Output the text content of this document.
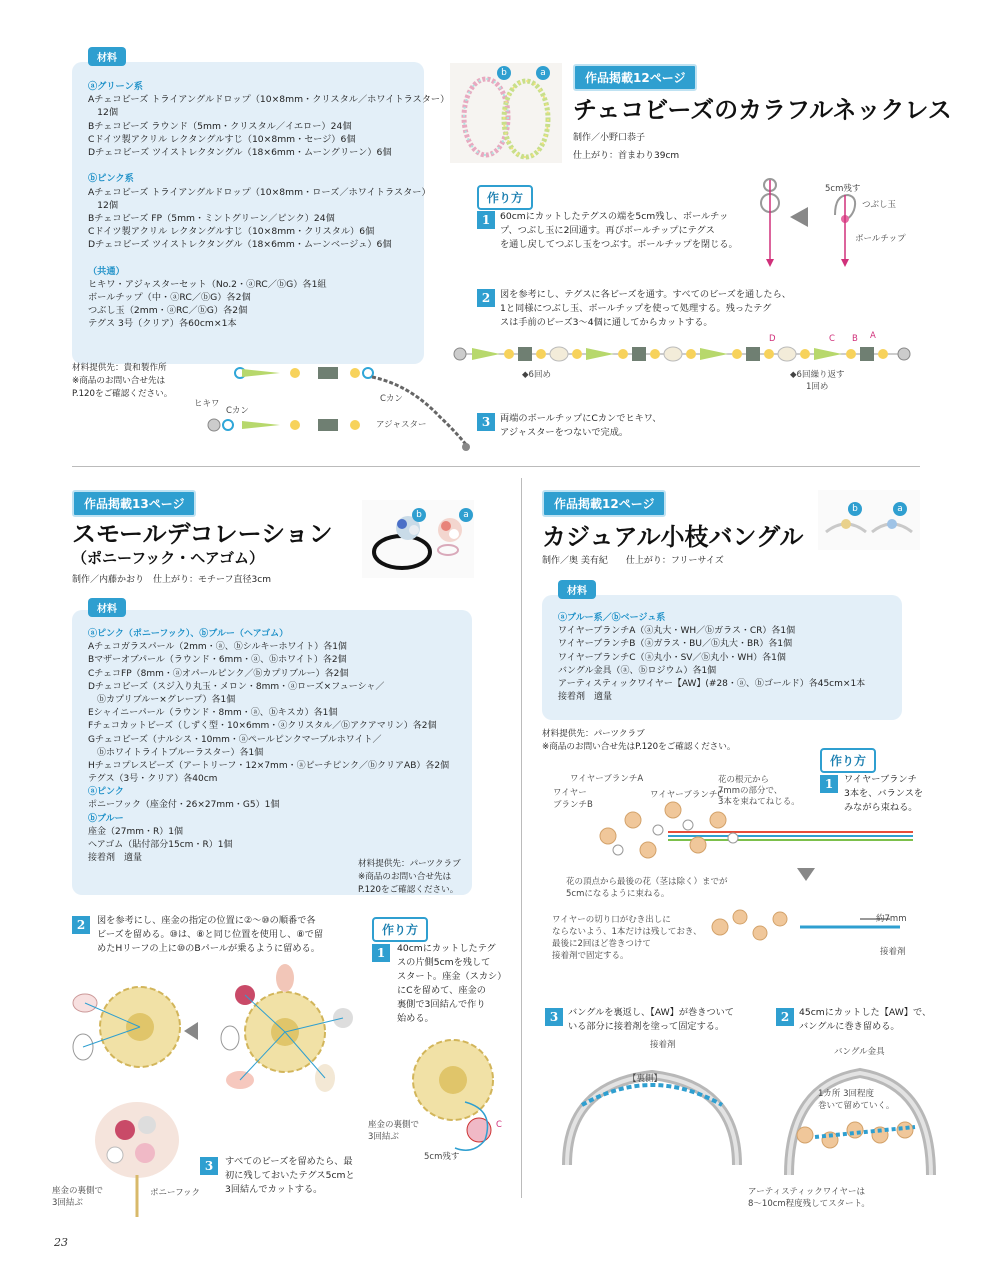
材料
ⓐグリーン系
Aチェコビーズ トライアングルドロップ（10×8mm・クリスタル／ホワイトラスター）
　12個
Bチェコビーズ ラウンド（5mm・クリスタル／イエロー）24個
Cドイツ製アクリル レクタングルすじ（10×8mm・セージ）6個
Dチェコビーズ ツイストレクタングル（18×6mm・ムーングリーン）6個
ⓑピンク系
Aチェコビーズ トライアングルドロップ（10×8mm・ローズ／ホワイトラスター）
　12個
Bチェコビーズ FP（5mm・ミントグリーン／ピンク）24個
Cドイツ製アクリル レクタングルすじ（10×8mm・クリスタル）6個
Dチェコビーズ ツイストレクタングル（18×6mm・ムーンベージュ）6個
（共通）
ヒキワ・アジャスターセット（No.2・ⓐRC／ⓑG）各1組
ボールチップ（中・ⓐRC／ⓑG）各2個
つぶし玉（2mm・ⓐRC／ⓑG）各2個
テグス 3号（クリア）各60cm×1本
材料提供先：貴和製作所
※商品のお問い合せ先は
P.120をご確認ください。
b	a	作品掲載12ページ
チェコビーズのカラフルネックレス
制作／小野口恭子
仕上がり：首まわり39cm
作り方
1	60cmにカットしたテグスの端を5cm残し、ボールチッ
プ、つぶし玉に2回通す。再びボールチップにテグス
を通し戻してつぶし玉をつぶす。ボールチップを閉じる。
2	図を参考にし、テグスに各ビーズを通す。すべてのビーズを通したら、
1と同様につぶし玉、ボールチップを使って処理する。残ったテグ
スは手前のビーズ3～4個に通してからカットする。
3	両端のボールチップにCカンでヒキワ、
アジャスターをつないで完成。
5cm残す
つぶし玉
ボールチップ
D	C B A
◆6回め	◆6回繰り返す
1回め
ヒキワ
Cカン
Cカン
アジャスター
作品掲載13ページ
スモールデコレーション
（ポニーフック・ヘアゴム）
制作／内藤かおり　仕上がり：モチーフ直径3cm
b	a
材料
ⓐピンク（ポニーフック）、ⓑブルー（ヘアゴム）
Aチェコガラスパール（2mm・ⓐ、ⓑシルキーホワイト）各1個
Bマザーオブパール（ラウンド・6mm・ⓐ、ⓑホワイト）各2個
CチェコFP（8mm・ⓐオパールピンク／ⓑカプリブルー）各2個
Dチェコビーズ（スジ入り丸玉・メロン・8mm・ⓐローズ×フューシャ／
　ⓑカプリブルー×グレープ）各1個
Eシャイニーパール（ラウンド・8mm・ⓐ、ⓑキスカ）各1個
Fチェコカットビーズ（しずく型・10×6mm・ⓐクリスタル／ⓑアクアマリン）各2個
Gチェコビーズ（ナルシス・10mm・ⓐペールピンクマーブルホワイト／
　ⓑホワイトライトブルーラスター）各1個
Hチェコプレスビーズ（アートリーフ・12×7mm・ⓐピーチピンク／ⓑクリアAB）各2個
テグス（3号・クリア）各40cm
ⓐピンク
ポニーフック（座金付・26×27mm・G5）1個
ⓑブルー
座金（27mm・R）1個
ヘアゴム（貼付部分15cm・R）1個
接着剤　適量
材料提供先：パーツクラブ
※商品のお問い合せ先は
P.120をご確認ください。
作り方
1	40cmにカットしたテグ
スの片側5cmを残して
スタート。座金（スカシ）
にCを留めて、座金の
裏側で3回結んで作り
始める。
2	図を参考にし、座金の指定の位置に②～⑩の順番で各
ビーズを留める。⑩は、⑧と同じ位置を使用し、⑧で留
めたHリーフの上に⑩のBパールが乗るように留める。
3	すべてのビーズを留めたら、最
初に残しておいたテグス5cmと
3回結んでカットする。
座金の裏側で
3回結ぶ
5cm残す
C
座金の裏側で
3回結ぶ
ポニーフック
作品掲載12ページ
カジュアル小枝バングル
制作／奥 美有紀　　仕上がり：フリーサイズ
b	a
材料
ⓐブルー系／ⓑベージュ系
ワイヤーブランチA（ⓐ丸大・WH／ⓑガラス・CR）各1個
ワイヤーブランチB（ⓐガラス・BU／ⓑ丸大・BR）各1個
ワイヤーブランチC（ⓐ丸小・SV／ⓑ丸小・WH）各1個
バングル金具（ⓐ、ⓑロジウム）各1個
アーティスティックワイヤー【AW】(#28・ⓐ、ⓑゴールド）各45cm×1本
接着剤　適量
材料提供先：パーツクラブ
※商品のお問い合せ先はP.120をご確認ください。
作り方
1	ワイヤーブランチ
3本を、バランスを
みながら束ねる。
ワイヤーブランチA
ワイヤー
ブランチB
ワイヤーブランチC
花の根元から
7mmの部分で、
3本を束ねてねじる。
花の頂点から最後の花（茎は除く）までが
5cmになるように束ねる。
ワイヤーの切り口がむき出しに
ならないよう、1本だけは残しておき、
最後に2回ほど巻きつけて
接着剤で固定する。
約7mm
接着剤
3	バングルを裏返し、【AW】が巻きついて
いる部分に接着剤を塗って固定する。
2	45cmにカットした【AW】で、
バングルに巻き留める。
接着剤
【裏側】
バングル金具
1カ所 3回程度
巻いて留めていく。
アーティスティックワイヤーは
8～10cm程度残してスタート。
23
